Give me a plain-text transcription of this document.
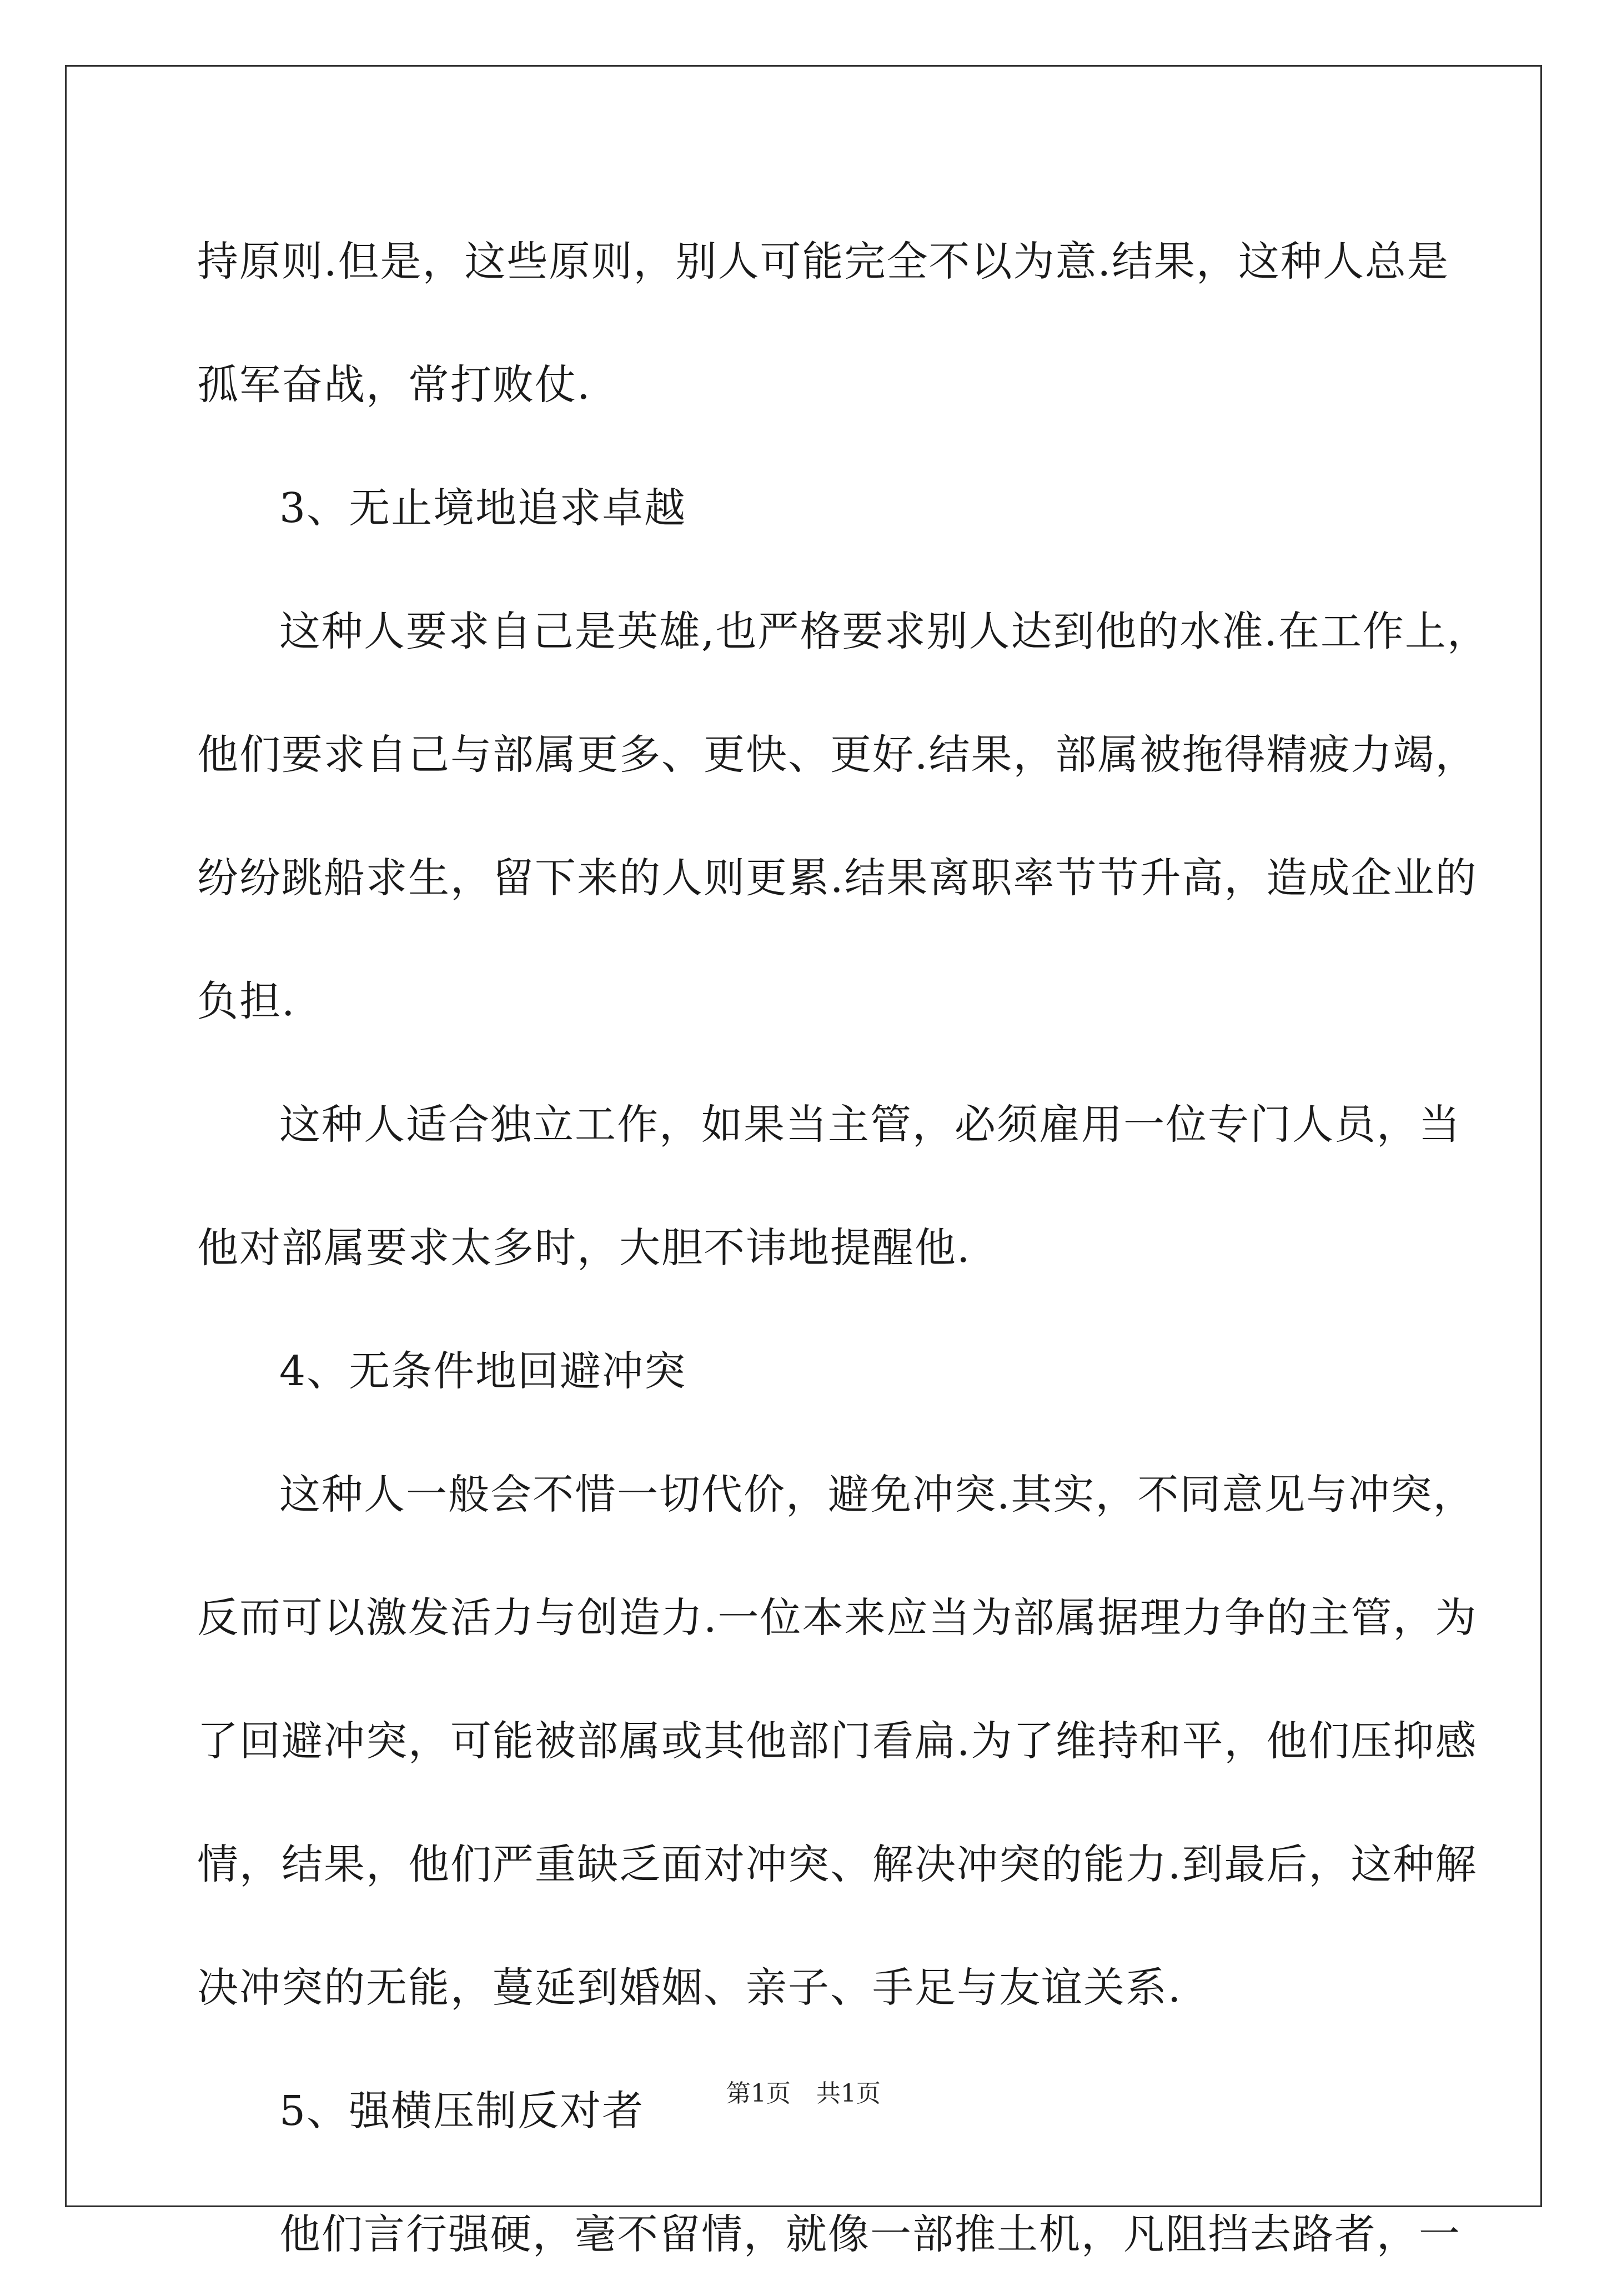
持原则.但是，这些原则，别人可能完全不以为意.结果，这种人总是
孤军奋战，常打败仗.
3、无止境地追求卓越
这种人要求自己是英雄,也严格要求别人达到他的水准.在工作上，
他们要求自己与部属更多、更快、更好.结果，部属被拖得精疲力竭，
纷纷跳船求生，留下来的人则更累.结果离职率节节升高，造成企业的
负担.
这种人适合独立工作，如果当主管，必须雇用一位专门人员，当
他对部属要求太多时，大胆不讳地提醒他.
4、无条件地回避冲突
这种人一般会不惜一切代价，避免冲突.其实，不同意见与冲突，
反而可以激发活力与创造力.一位本来应当为部属据理力争的主管，为
了回避冲突，可能被部属或其他部门看扁.为了维持和平，他们压抑感
情，结果，他们严重缺乏面对冲突、解决冲突的能力.到最后，这种解
决冲突的无能，蔓延到婚姻、亲子、手足与友谊关系.
5、强横压制反对者
他们言行强硬，毫不留情，就像一部推土机，凡阻挡去路者，一
第1页 共1页
